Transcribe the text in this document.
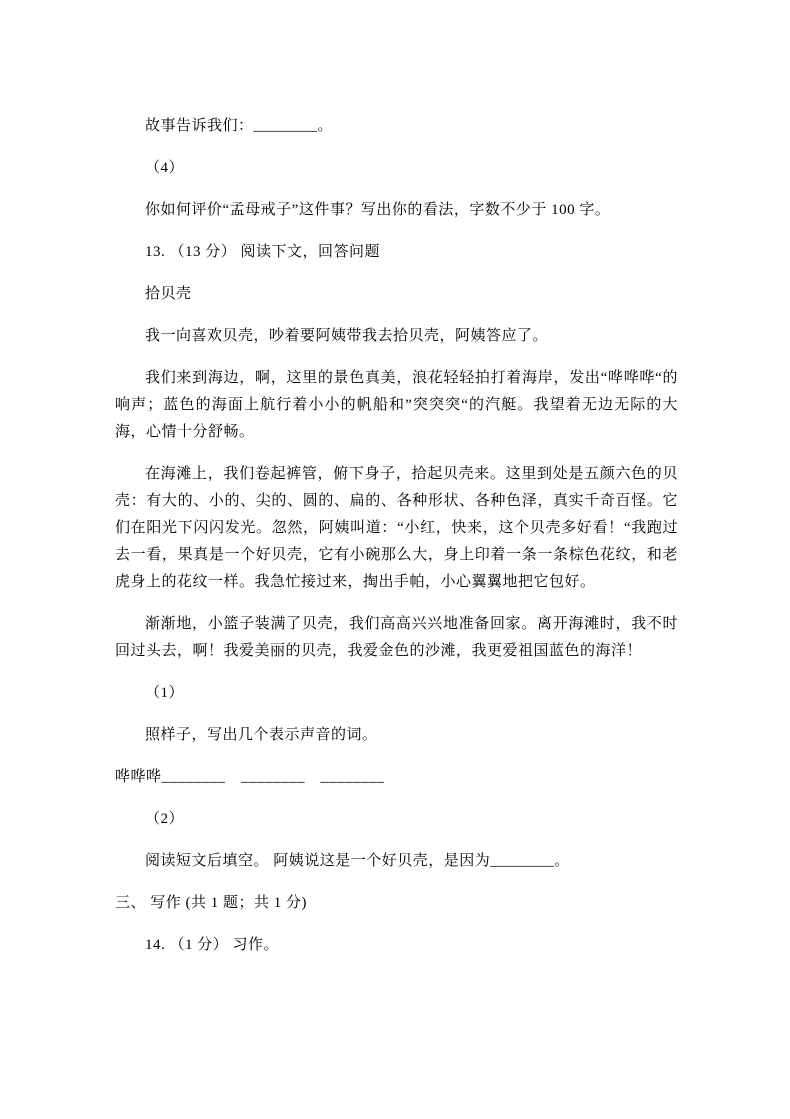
故事告诉我们：________。

（4）

你如何评价“孟母戒子”这件事？写出你的看法，字数不少于 100 字。

13. （13 分） 阅读下文，回答问题

拾贝壳

我一向喜欢贝壳，吵着要阿姨带我去拾贝壳，阿姨答应了。

我们来到海边，啊，这里的景色真美，浪花轻轻拍打着海岸，发出“哗哗哗“的响声；蓝色的海面上航行着小小的帆船和”突突突“的汽艇。我望着无边无际的大海，心情十分舒畅。

在海滩上，我们卷起裤管，俯下身子，拾起贝壳来。这里到处是五颜六色的贝壳：有大的、小的、尖的、圆的、扁的、各种形状、各种色泽，真实千奇百怪。它们在阳光下闪闪发光。忽然，阿姨叫道：“小红，快来，这个贝壳多好看！“我跑过去一看，果真是一个好贝壳，它有小碗那么大，身上印着一条一条棕色花纹，和老虎身上的花纹一样。我急忙接过来，掏出手帕，小心翼翼地把它包好。

渐渐地，小篮子装满了贝壳，我们高高兴兴地准备回家。离开海滩时，我不时回过头去，啊！我爱美丽的贝壳，我爱金色的沙滩，我更爱祖国蓝色的海洋！

（1）

照样子，写出几个表示声音的词。

哗哗哗________　________　________

（2）

阅读短文后填空。 阿姨说这是一个好贝壳，是因为________。

三、 写作 (共 1 题；共 1 分)

14. （1 分） 习作。
